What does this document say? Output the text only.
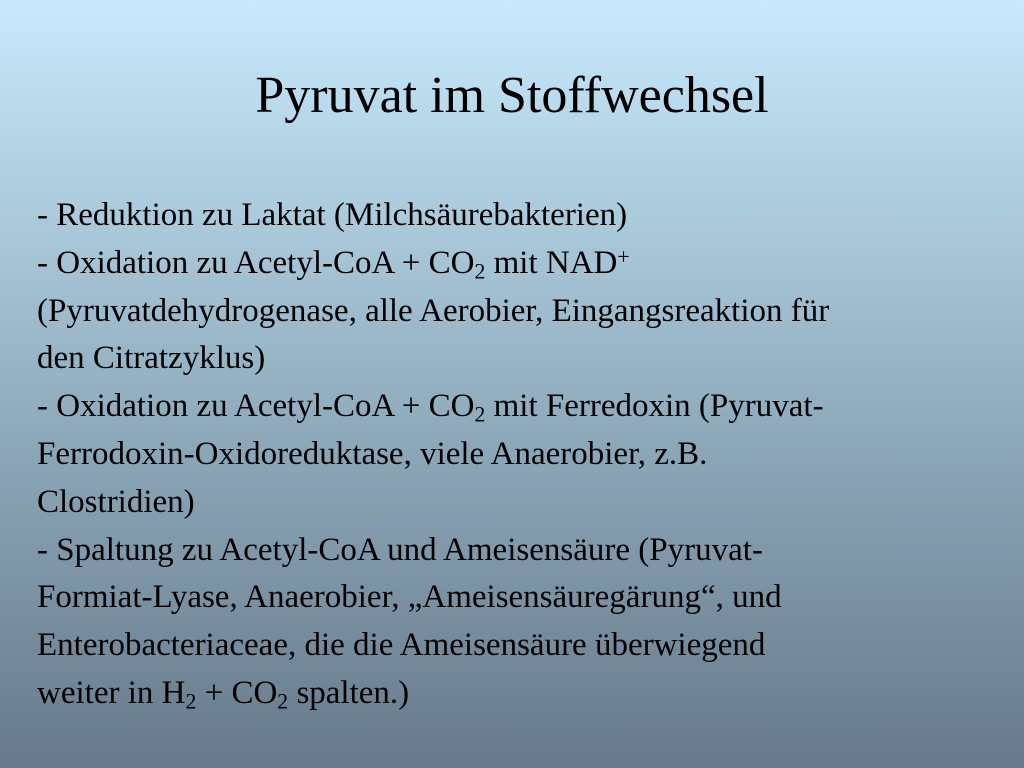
Pyruvat im Stoffwechsel
- Reduktion zu Laktat (Milchsäurebakterien)
- Oxidation zu Acetyl-CoA + $CO_2$ mit NAD+
(Pyruvatdehydrogenase, alle Aerobier, Eingangsreaktion für
den Citratzyklus)
- Oxidation zu Acetyl-CoA + $CO_2$ mit Ferredoxin (Pyruvat-
Ferrodoxin-Oxidoreduktase, viele Anaerobier, z.B.
Clostridien)
- Spaltung zu Acetyl-CoA und Ameisensäure (Pyruvat-
Formiat-Lyase, Anaerobier, „Ameisensäuregärung“, und
Enterobacteriaceae, die die Ameisensäure überwiegend
weiter in $H_2 + CO_2$ spalten.)
